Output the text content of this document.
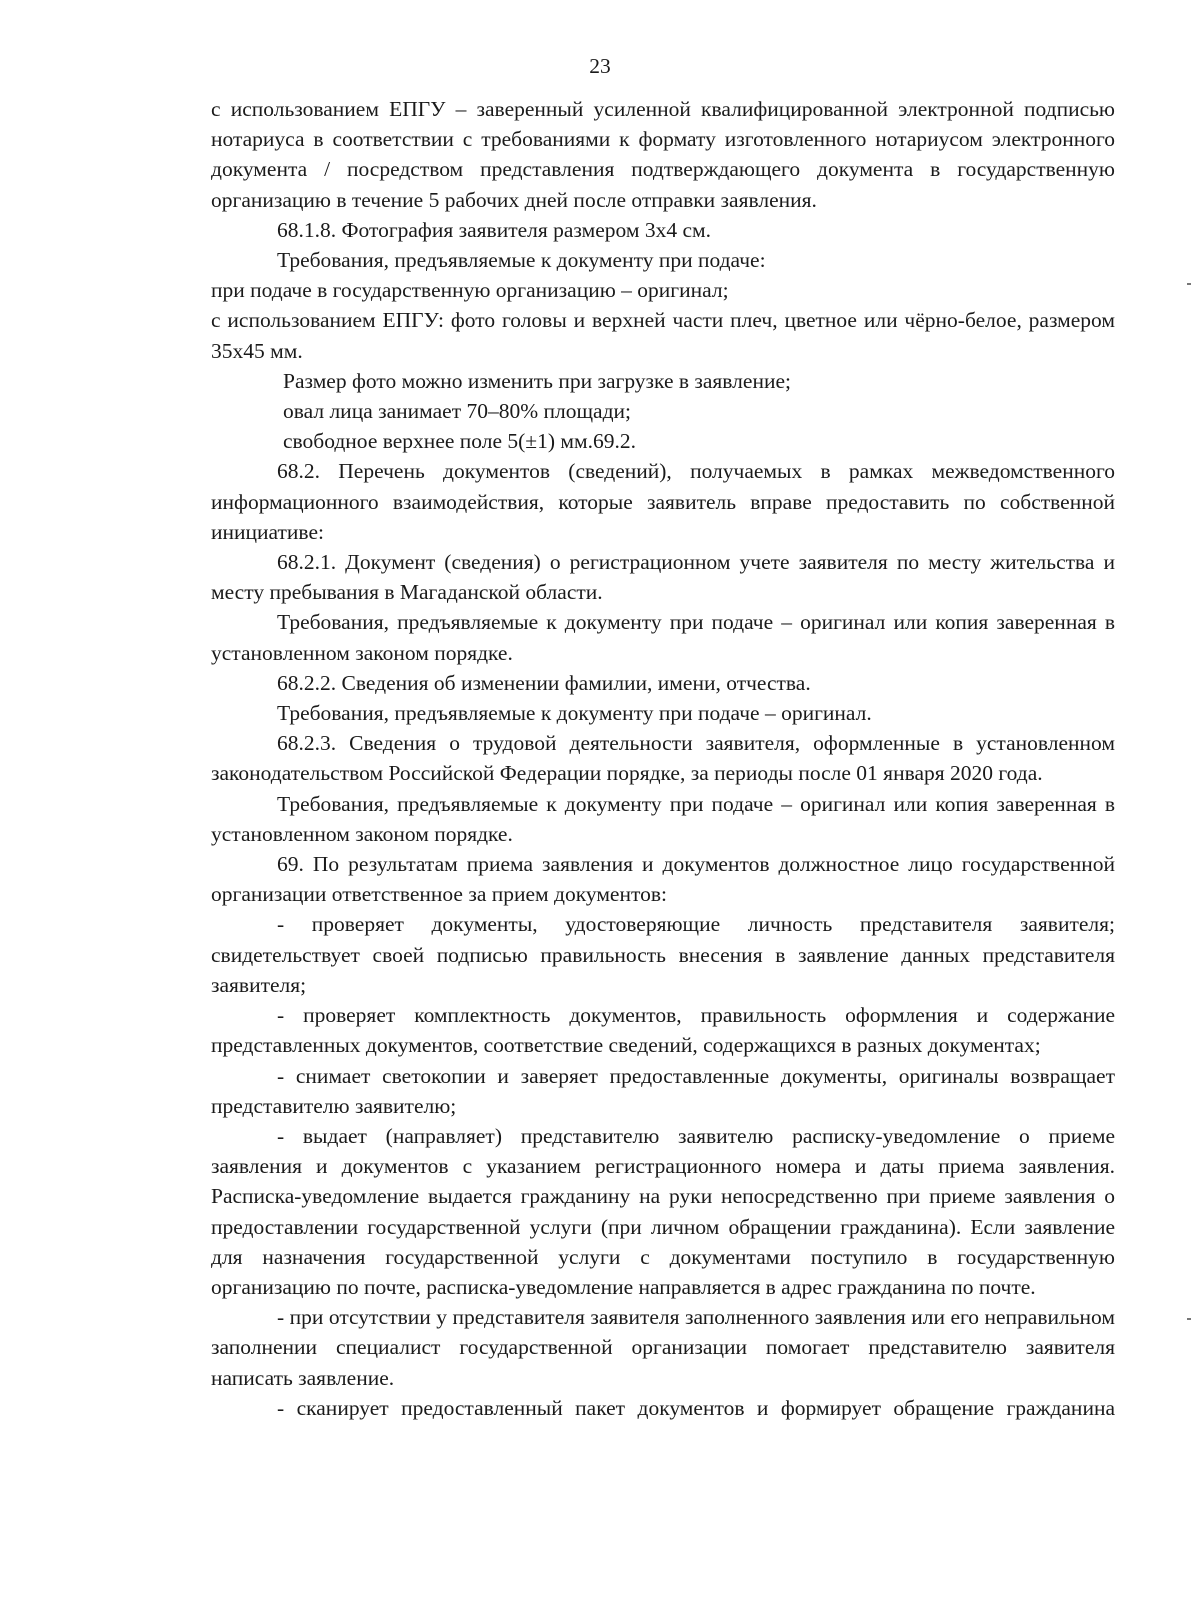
23

с использованием ЕПГУ – заверенный усиленной квалифицированной электронной подписью нотариуса в соответствии с требованиями к формату изготовленного нотариусом электронного документа / посредством представления подтверждающего документа в государственную организацию в течение 5 рабочих дней после отправки заявления.

68.1.8. Фотография заявителя размером 3х4 см.

Требования, предъявляемые к документу при подаче:

при подаче в государственную организацию – оригинал;

с использованием ЕПГУ: фото головы и верхней части плеч, цветное или чёрно-белое, размером 35х45 мм.

Размер фото можно изменить при загрузке в заявление;

овал лица занимает 70–80% площади;

свободное верхнее поле 5(±1) мм.69.2.

68.2. Перечень документов (сведений), получаемых в рамках межведомственного информационного взаимодействия, которые заявитель вправе предоставить по собственной инициативе:

68.2.1. Документ (сведения) о регистрационном учете заявителя по месту жительства и месту пребывания в Магаданской области.

Требования, предъявляемые к документу при подаче – оригинал или копия заверенная в установленном законом порядке.

68.2.2. Сведения об изменении фамилии, имени, отчества.

Требования, предъявляемые к документу при подаче – оригинал.

68.2.3. Сведения о трудовой деятельности заявителя, оформленные в установленном законодательством Российской Федерации порядке, за периоды после 01 января 2020 года.

Требования, предъявляемые к документу при подаче – оригинал или копия заверенная в установленном законом порядке.

69. По результатам приема заявления и документов должностное лицо государственной организации ответственное за прием документов:

- проверяет документы, удостоверяющие личность представителя заявителя; свидетельствует своей подписью правильность внесения в заявление данных представителя заявителя;

- проверяет комплектность документов, правильность оформления и содержание представленных документов, соответствие сведений, содержащихся в разных документах;

- снимает светокопии и заверяет предоставленные документы, оригиналы возвращает представителю заявителю;

- выдает (направляет) представителю заявителю расписку-уведомление о приеме заявления и документов с указанием регистрационного номера и даты приема заявления. Расписка-уведомление выдается гражданину на руки непосредственно при приеме заявления о предоставлении государственной услуги (при личном обращении гражданина). Если заявление для назначения государственной услуги с документами поступило в государственную организацию по почте, расписка-уведомление направляется в адрес гражданина по почте.

- при отсутствии у представителя заявителя заполненного заявления или его неправильном заполнении специалист государственной организации помогает представителю заявителя написать заявление.

- сканирует предоставленный пакет документов и формирует обращение гражданина
